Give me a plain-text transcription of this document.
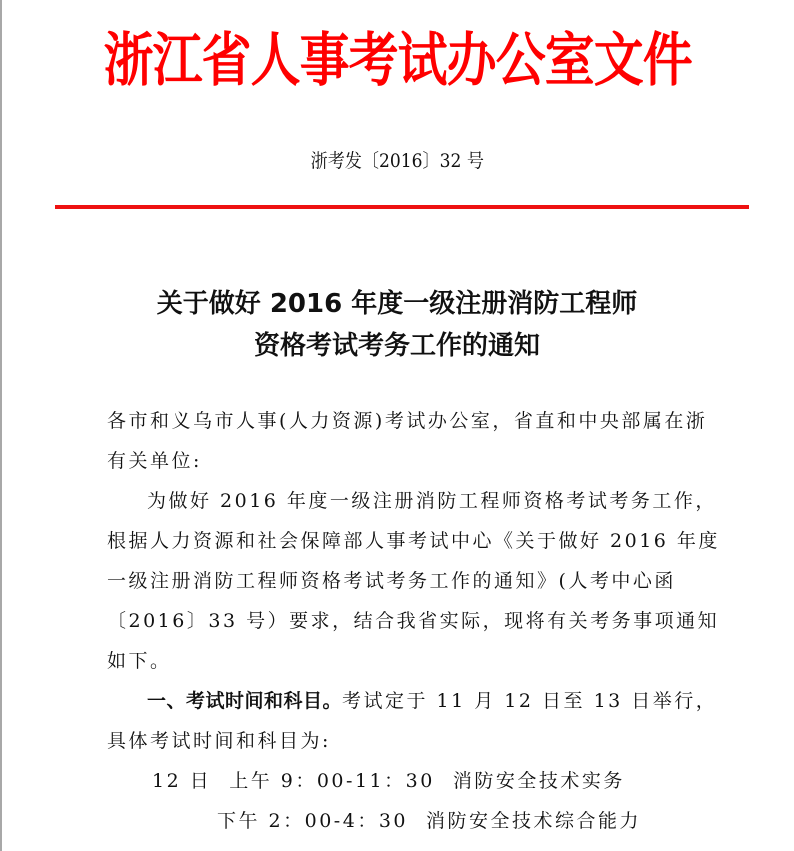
浙江省人事考试办公室文件
浙考发〔2016〕32 号
关于做好 2016 年度一级注册消防工程师
资格考试考务工作的通知
各市和义乌市人事(人力资源)考试办公室，省直和中央部属在浙
有关单位:
为做好 2016 年度一级注册消防工程师资格考试考务工作，
根据人力资源和社会保障部人事考试中心《关于做好 2016 年度
一级注册消防工程师资格考试考务工作的通知》(人考中心函
〔2016〕33 号）要求，结合我省实际，现将有关考务事项通知
如下。
一、考试时间和科目。考试定于 11 月 12 日至 13 日举行，
具体考试时间和科目为:
12 日 上午 9：00-11：30 消防安全技术实务
下午 2：00-4：30 消防安全技术综合能力
